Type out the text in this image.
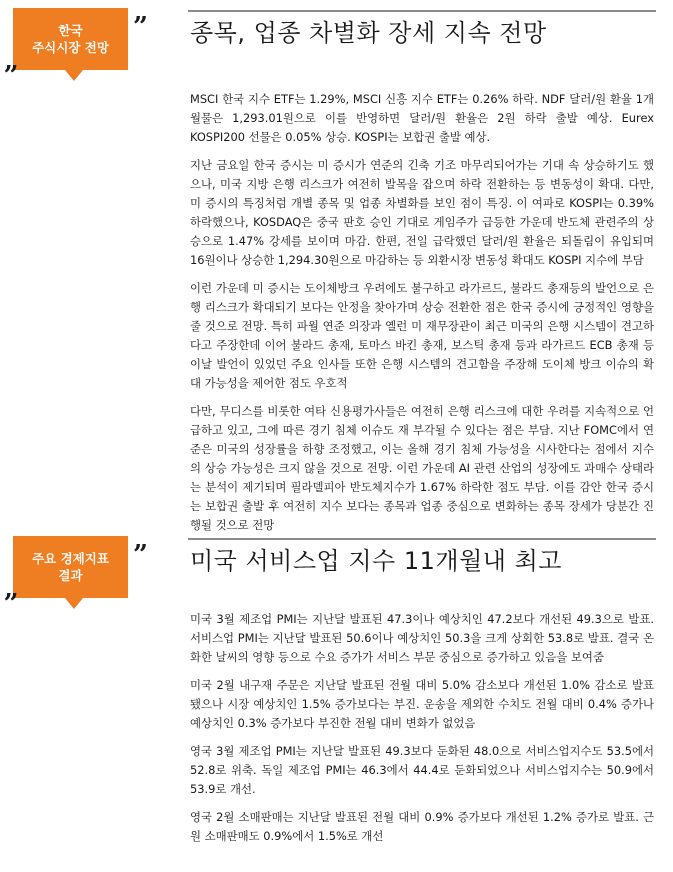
한국
주식시장 전망
„
” 종목, 업종 차별화 장세 지속 전망

MSCI 한국 지수 ETF는 1.29%, MSCI 신흥 지수 ETF는 0.26% 하락. NDF 달러/원 환율 1개월물은 1,293.01원으로 이를 반영하면 달러/원 환율은 2원 하락 출발 예상. Eurex KOSPI200 선물은 0.05% 상승. KOSPI는 보합권 출발 예상.

지난 금요일 한국 증시는 미 증시가 연준의 긴축 기조 마무리되어가는 기대 속 상승하기도 했으나, 미국 지방 은행 리스크가 여전히 발목을 잡으며 하락 전환하는 등 변동성이 확대. 다만, 미 증시의 특징처럼 개별 종목 및 업종 차별화를 보인 점이 특징. 이 여파로 KOSPI는 0.39% 하락했으나, KOSDAQ은 중국 판호 승인 기대로 게임주가 급등한 가운데 반도체 관련주의 상승으로 1.47% 강세를 보이며 마감. 한편, 전일 급락했던 달러/원 환율은 되돌림이 유입되며 16원이나 상승한 1,294.30원으로 마감하는 등 외환시장 변동성 확대도 KOSPI 지수에 부담

이런 가운데 미 증시는 도이체방크 우려에도 불구하고 라가르드, 불라드 총재등의 발언으로 은행 리스크가 확대되기 보다는 안정을 찾아가며 상승 전환한 점은 한국 증시에 긍정적인 영향을 줄 것으로 전망. 특히 파월 연준 의장과 옐런 미 재무장관이 최근 미국의 은행 시스템이 견고하다고 주장한데 이어 불라드 총재, 토마스 바킨 총재, 보스틱 총재 등과 라가르드 ECB 총재 등 이날 발언이 있었던 주요 인사들 또한 은행 시스템의 견고함을 주장해 도이체 방크 이슈의 확대 가능성을 제어한 점도 우호적

다만, 무디스를 비롯한 여타 신용평가사들은 여전히 은행 리스크에 대한 우려를 지속적으로 언급하고 있고, 그에 따른 경기 침체 이슈도 재 부각될 수 있다는 점은 부담. 지난 FOMC에서 연준은 미국의 성장률을 하향 조정했고, 이는 올해 경기 침체 가능성을 시사한다는 점에서 지수의 상승 가능성은 크지 않을 것으로 전망. 이런 가운데 AI 관련 산업의 성장에도 과매수 상태라는 분석이 제기되며 필라델피아 반도체지수가 1.67% 하락한 점도 부담. 이를 감안 한국 증시는 보합권 출발 후 여전히 지수 보다는 종목과 업종 중심으로 변화하는 종목 장세가 당분간 진행될 것으로 전망

주요 경제지표
결과
„
” 미국 서비스업 지수 11개월내 최고

미국 3월 제조업 PMI는 지난달 발표된 47.3이나 예상치인 47.2보다 개선된 49.3으로 발표. 서비스업 PMI는 지난달 발표된 50.6이나 예상치인 50.3을 크게 상회한 53.8로 발표. 결국 온화한 날씨의 영향 등으로 수요 증가가 서비스 부문 중심으로 증가하고 있음을 보여줌

미국 2월 내구재 주문은 지난달 발표된 전월 대비 5.0% 감소보다 개선된 1.0% 감소로 발표됐으나 시장 예상치인 1.5% 증가보다는 부진. 운송을 제외한 수치도 전월 대비 0.4% 증가나 예상치인 0.3% 증가보다 부진한 전월 대비 변화가 없었음

영국 3월 제조업 PMI는 지난달 발표된 49.3보다 둔화된 48.0으로 서비스업지수도 53.5에서 52.8로 위축. 독일 제조업 PMI는 46.3에서 44.4로 둔화되었으나 서비스업지수는 50.9에서 53.9로 개선.

영국 2월 소매판매는 지난달 발표된 전월 대비 0.9% 증가보다 개선된 1.2% 증가로 발표. 근원 소매판매도 0.9%에서 1.5%로 개선
